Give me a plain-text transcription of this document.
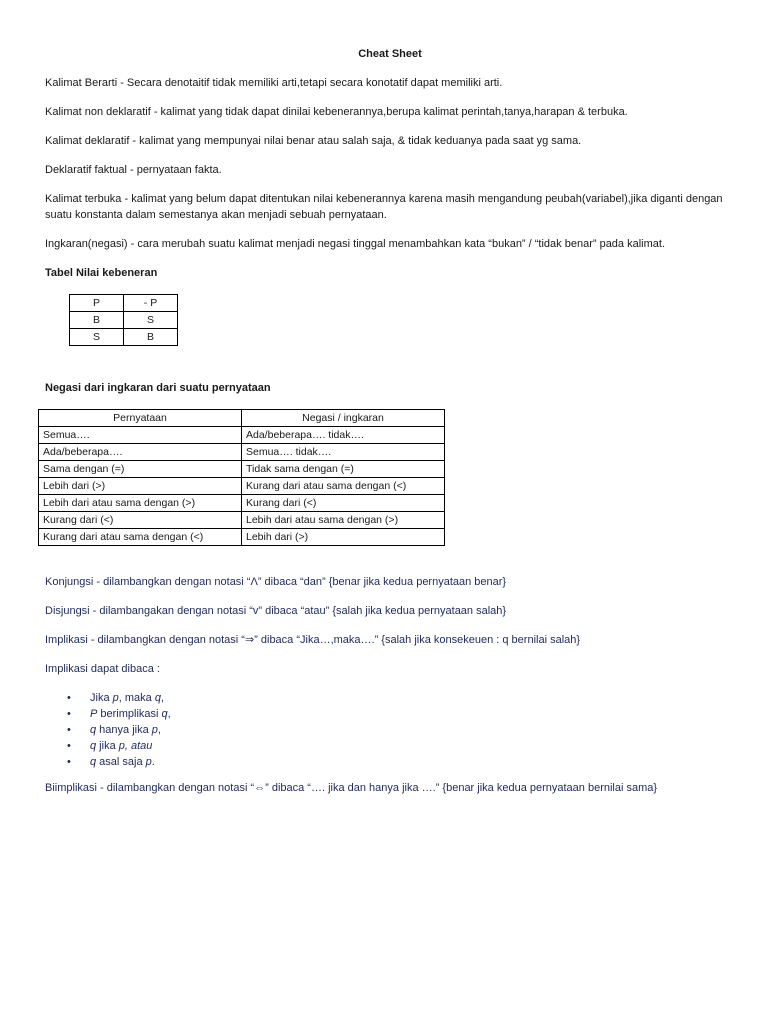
Cheat Sheet

Kalimat Berarti - Secara denotaitif tidak memiliki arti,tetapi secara konotatif dapat memiliki arti.

Kalimat non deklaratif - kalimat yang tidak dapat dinilai kebenerannya,berupa kalimat perintah,tanya,harapan & terbuka.

Kalimat deklaratif - kalimat yang mempunyai nilai benar atau salah saja, & tidak keduanya pada saat yg sama.

Deklaratif faktual - pernyataan fakta.

Kalimat terbuka - kalimat yang belum dapat ditentukan nilai kebenerannya karena masih mengandung peubah(variabel),jika diganti dengan suatu konstanta dalam semestanya akan menjadi sebuah pernyataan.

Ingkaran(negasi) - cara merubah suatu kalimat menjadi negasi tinggal menambahkan kata “bukan” / “tidak benar” pada kalimat.

Tabel Nilai kebeneran
P	- P
B	S
S	B
Negasi dari ingkaran dari suatu pernyataan
Pernyataan	Negasi / ingkaran
Semua….	Ada/beberapa…. tidak….
Ada/beberapa….	Semua…. tidak….
Sama dengan (=)	Tidak sama dengan (=)
Lebih dari (>)	Kurang dari atau sama dengan (<)
Lebih dari atau sama dengan (>)	Kurang dari (<)
Kurang dari (<)	Lebih dari atau sama dengan (>)
Kurang dari atau sama dengan (<)	Lebih dari (>)

Konjungsi - dilambangkan dengan notasi “Λ” dibaca “dan” {benar jika kedua pernyataan benar}

Disjungsi - dilambangakan dengan notasi “v” dibaca “atau” {salah jika kedua pernyataan salah}

Implikasi - dilambangkan dengan notasi “⇒” dibaca “Jika…,maka….” {salah jika konsekeuen : q bernilai salah}

Implikasi dapat dibaca :

• Jika p, maka q,
• P berimplikasi q,
• q hanya jika p,
• q jika p, atau
• q asal saja p.

Biimplikasi - dilambangkan dengan notasi “⇔” dibaca “…. jika dan hanya jika ….” {benar jika kedua pernyataan bernilai sama}
